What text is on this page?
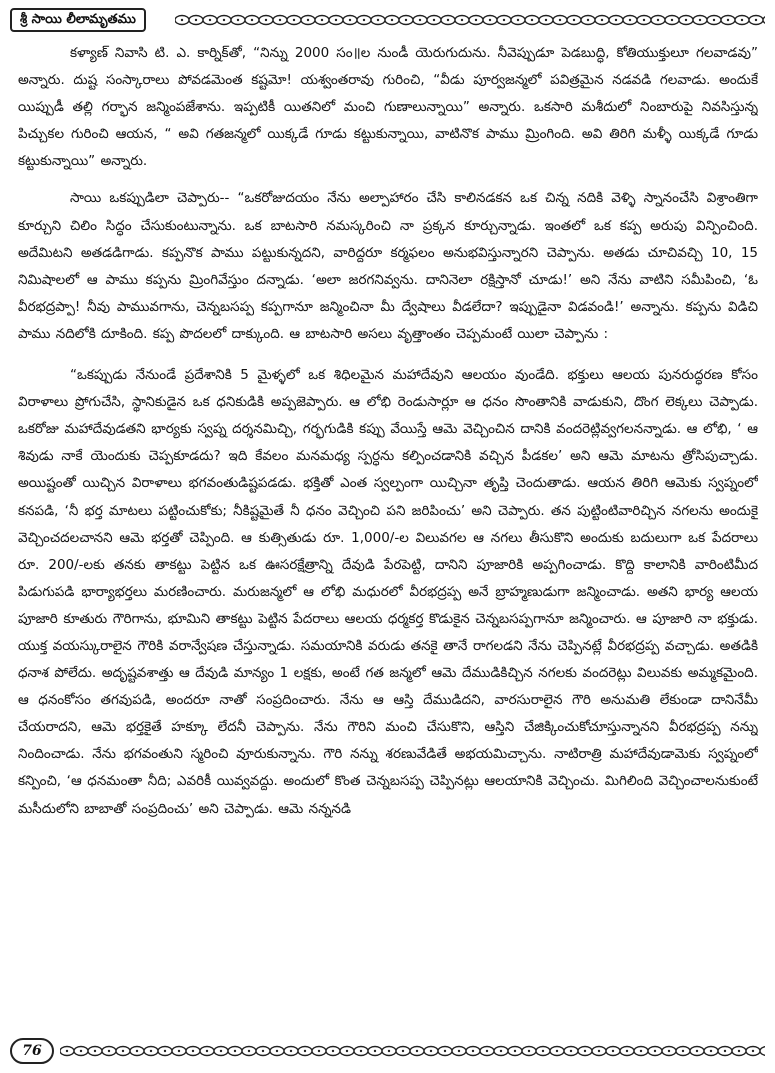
శ్రీ సాయి లీలామృతము

కళ్యాణ్ నివాసి టి. ఎ. కార్నిక్‌తో, “నిన్ను 2000 సం॥ల నుండీ యెరుగుదును. నీవెప్పుడూ పెడబుద్ధి, కోతియుక్తులూ గలవాడవు” అన్నారు. దుష్ట సంస్కారాలు పోవడమెంత కష్టమో! యశ్వంతరావు గురించి, “వీడు పూర్వజన్మలో పవిత్రమైన నడవడి గలవాడు. అందుకే యిప్పుడీ తల్లి గర్భాన జన్మింపజేశాను. ఇప్పటికీ యితనిలో మంచి గుణాలున్నాయి” అన్నారు. ఒకసారి మశీదులో నింబారుపై నివసిస్తున్న పిచ్చుకల గురించి ఆయన, “ అవి గతజన్మలో యిక్కడే గూడు కట్టుకున్నాయి, వాటినొక పాము మ్రింగింది. అవి తిరిగి మళ్ళీ యిక్కడే గూడు కట్టుకున్నాయి” అన్నారు.

సాయి ఒకప్పుడిలా చెప్పారు-- “ఒకరోజుదయం నేను అల్పాహారం చేసి కాలినడకన ఒక చిన్న నదికి వెళ్ళి స్నానంచేసి విశ్రాంతిగా కూర్చుని చిలిం సిద్ధం చేసుకుంటున్నాను. ఒక బాటసారి నమస్కరించి నా ప్రక్కన కూర్చున్నాడు. ఇంతలో ఒక కప్ప అరుపు విన్పించింది. అదేమిటని అతడడిగాడు. కప్పనొక పాము పట్టుకున్నదని, వారిద్దరూ కర్మఫలం అనుభవిస్తున్నారని చెప్పాను. అతడు చూచివచ్చి 10, 15 నిమిషాలలో ఆ పాము కప్పను మ్రింగివేస్తుం దన్నాడు. ‘అలా జరగనివ్వను. దానినెలా రక్షిస్తానో చూడు!’ అని నేను వాటిని సమీపించి, ‘ఓ వీరభద్రప్పా! నీవు పామువగాను, చెన్నబసప్ప కప్పగానూ జన్మించినా మీ ద్వేషాలు వీడలేదా? ఇప్పుడైనా విడవండి!’ అన్నాను. కప్పను విడిచి పాము నదిలోకి దూకింది. కప్ప పొదలలో దాక్కుంది. ఆ బాటసారి అసలు వృత్తాంతం చెప్పమంటే యిలా చెప్పాను :

“ఒకప్పుడు నేనుండే ప్రదేశానికి 5 మైళ్ళలో ఒక శిధిలమైన మహాదేవుని ఆలయం వుండేది. భక్తులు ఆలయ పునరుద్ధరణ కోసం విరాళాలు ప్రోగుచేసి, స్థానికుడైన ఒక ధనికుడికి అప్పజెప్పారు. ఆ లోభి రెండుసార్లూ ఆ ధనం సొంతానికి వాడుకుని, దొంగ లెక్కలు చెప్పాడు. ఒకరోజు మహాదేవుడతని భార్యకు స్వప్న దర్శనమిచ్చి, గర్భగుడికి కప్పు వేయిస్తే ఆమె వెచ్చించిన దానికి వందరెట్లివ్వగలనన్నాడు. ఆ లోభి, ‘ ఆ శివుడు నాకే యెందుకు చెప్పకూడదు? ఇది కేవలం మనమధ్య స్పర్ధను కల్పించడానికి వచ్చిన పీడకల’ అని ఆమె మాటను త్రోసిపుచ్చాడు. అయిష్టంతో యిచ్చిన విరాళాలు భగవంతుడిష్టపడడు. భక్తితో ఎంత స్వల్పంగా యిచ్చినా తృప్తి చెందుతాడు. ఆయన తిరిగి ఆమెకు స్వప్నంలో కనపడి, ‘నీ భర్త మాటలు పట్టించుకోకు; నీకిష్టమైతే నీ ధనం వెచ్చించి పని జరిపించు’ అని చెప్పారు. తన పుట్టింటివారిచ్చిన నగలను అందుకై వెచ్చించదలచానని ఆమె భర్తతో చెప్పింది. ఆ కుత్సితుడు రూ. 1,000/-ల విలువగల ఆ నగలు తీసుకొని అందుకు బదులుగా ఒక పేదరాలు రూ. 200/-లకు తనకు తాకట్టు పెట్టిన ఒక ఊసరక్షేత్రాన్ని దేవుడి పేరపెట్టి, దానిని పూజారికి అప్పగించాడు. కొద్ది కాలానికి వారింటిమీద పిడుగుపడి భార్యాభర్తలు మరణించారు. మరుజన్మలో ఆ లోభి మధురలో వీరభద్రప్ప అనే బ్రాహ్మణుడుగా జన్మించాడు. అతని భార్య ఆలయ పూజారి కూతురు గౌరిగాను, భూమిని తాకట్టు పెట్టిన పేదరాలు ఆలయ ధర్మకర్త కొడుకైన చెన్నబసప్పగానూ జన్మించారు. ఆ పూజారి నా భక్తుడు. యుక్త వయస్కురాలైన గౌరికి వరాన్వేషణ చేస్తున్నాడు. సమయానికి వరుడు తనకై తానే రాగలడని నేను చెప్పినట్లే వీరభద్రప్ప వచ్చాడు. అతడికి ధనాశ పోలేదు. అదృష్టవశాత్తు ఆ దేవుడి మాన్యం 1 లక్షకు, అంటే గత జన్మలో ఆమె దేముడికిచ్చిన నగలకు వందరెట్లు విలువకు అమ్మకమైంది. ఆ ధనంకోసం తగవుపడి, అందరూ నాతో సంప్రదించారు. నేను ఆ ఆస్తి దేముడిదని, వారసురాలైన గౌరి అనుమతి లేకుండా దానినేమీ చేయరాదని, ఆమె భర్తకైతే హక్కూ లేదనీ చెప్పాను. నేను గౌరిని మంచి చేసుకొని, ఆస్తిని చేజిక్కించుకోచూస్తున్నానని వీరభద్రప్ప నన్ను నిందించాడు. నేను భగవంతుని స్మరించి వూరుకున్నాను. గౌరి నన్ను శరణువేడితే అభయమిచ్చాను. నాటిరాత్రి మహాదేవుడామెకు స్వప్నంలో కన్పించి, ‘ఆ ధనమంతా నీది; ఎవరికీ యివ్వవద్దు. అందులో కొంత చెన్నబసప్ప చెప్పినట్లు ఆలయానికి వెచ్చించు. మిగిలింది వెచ్చించాలనుకుంటే మసీదులోని బాబాతో సంప్రదించు’ అని చెప్పాడు. ఆమె నన్ననడి

76
